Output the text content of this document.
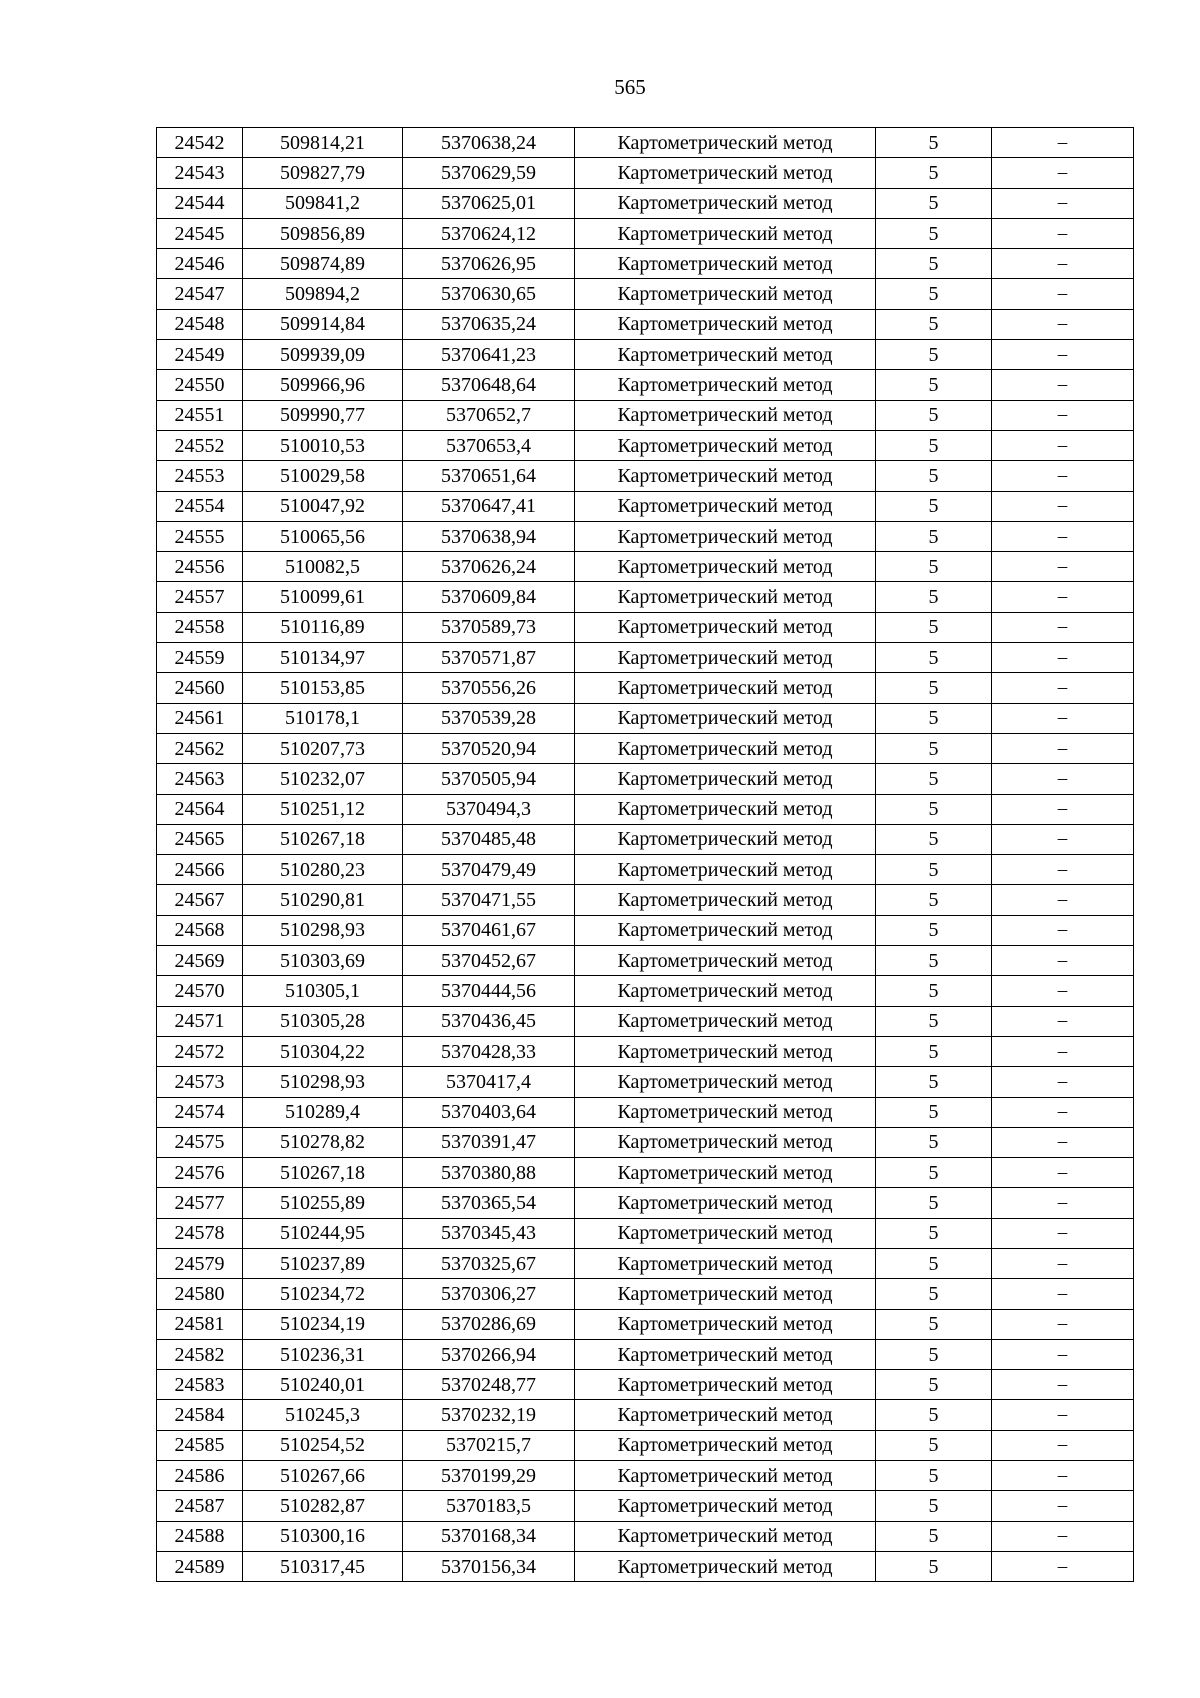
565
24542	509814,21	5370638,24	Картометрический метод	5	–
24543	509827,79	5370629,59	Картометрический метод	5	–
24544	509841,2	5370625,01	Картометрический метод	5	–
24545	509856,89	5370624,12	Картометрический метод	5	–
24546	509874,89	5370626,95	Картометрический метод	5	–
24547	509894,2	5370630,65	Картометрический метод	5	–
24548	509914,84	5370635,24	Картометрический метод	5	–
24549	509939,09	5370641,23	Картометрический метод	5	–
24550	509966,96	5370648,64	Картометрический метод	5	–
24551	509990,77	5370652,7	Картометрический метод	5	–
24552	510010,53	5370653,4	Картометрический метод	5	–
24553	510029,58	5370651,64	Картометрический метод	5	–
24554	510047,92	5370647,41	Картометрический метод	5	–
24555	510065,56	5370638,94	Картометрический метод	5	–
24556	510082,5	5370626,24	Картометрический метод	5	–
24557	510099,61	5370609,84	Картометрический метод	5	–
24558	510116,89	5370589,73	Картометрический метод	5	–
24559	510134,97	5370571,87	Картометрический метод	5	–
24560	510153,85	5370556,26	Картометрический метод	5	–
24561	510178,1	5370539,28	Картометрический метод	5	–
24562	510207,73	5370520,94	Картометрический метод	5	–
24563	510232,07	5370505,94	Картометрический метод	5	–
24564	510251,12	5370494,3	Картометрический метод	5	–
24565	510267,18	5370485,48	Картометрический метод	5	–
24566	510280,23	5370479,49	Картометрический метод	5	–
24567	510290,81	5370471,55	Картометрический метод	5	–
24568	510298,93	5370461,67	Картометрический метод	5	–
24569	510303,69	5370452,67	Картометрический метод	5	–
24570	510305,1	5370444,56	Картометрический метод	5	–
24571	510305,28	5370436,45	Картометрический метод	5	–
24572	510304,22	5370428,33	Картометрический метод	5	–
24573	510298,93	5370417,4	Картометрический метод	5	–
24574	510289,4	5370403,64	Картометрический метод	5	–
24575	510278,82	5370391,47	Картометрический метод	5	–
24576	510267,18	5370380,88	Картометрический метод	5	–
24577	510255,89	5370365,54	Картометрический метод	5	–
24578	510244,95	5370345,43	Картометрический метод	5	–
24579	510237,89	5370325,67	Картометрический метод	5	–
24580	510234,72	5370306,27	Картометрический метод	5	–
24581	510234,19	5370286,69	Картометрический метод	5	–
24582	510236,31	5370266,94	Картометрический метод	5	–
24583	510240,01	5370248,77	Картометрический метод	5	–
24584	510245,3	5370232,19	Картометрический метод	5	–
24585	510254,52	5370215,7	Картометрический метод	5	–
24586	510267,66	5370199,29	Картометрический метод	5	–
24587	510282,87	5370183,5	Картометрический метод	5	–
24588	510300,16	5370168,34	Картометрический метод	5	–
24589	510317,45	5370156,34	Картометрический метод	5	–
